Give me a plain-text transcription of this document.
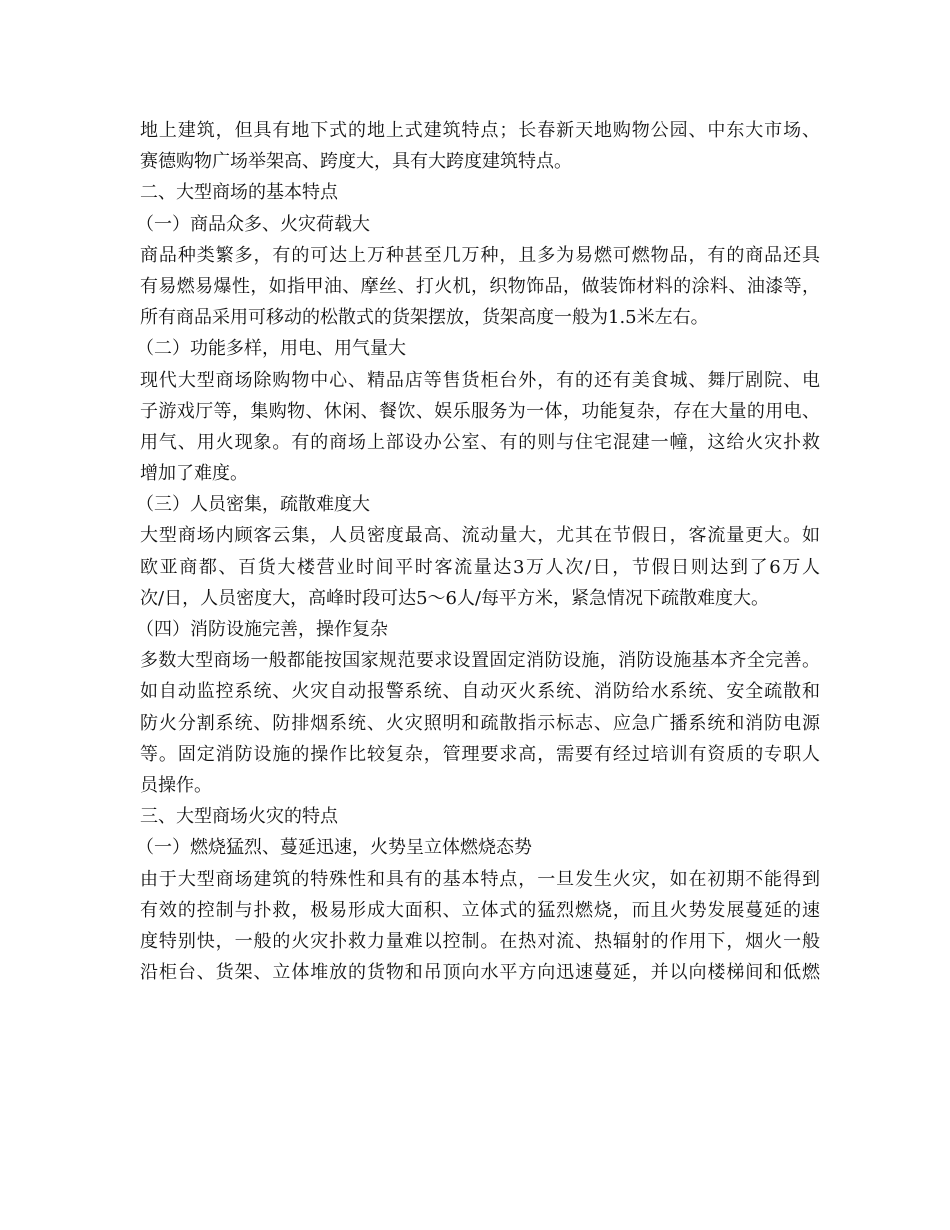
地上建筑，但具有地下式的地上式建筑特点；长春新天地购物公园、中东大市场、
赛德购物广场举架高、跨度大，具有大跨度建筑特点。
二、大型商场的基本特点
（一）商品众多、火灾荷载大
商品种类繁多，有的可达上万种甚至几万种，且多为易燃可燃物品，有的商品还具
有易燃易爆性，如指甲油、摩丝、打火机，织物饰品，做装饰材料的涂料、油漆等，
所有商品采用可移动的松散式的货架摆放，货架高度一般为1.5米左右。
（二）功能多样，用电、用气量大
现代大型商场除购物中心、精品店等售货柜台外，有的还有美食城、舞厅剧院、电
子游戏厅等，集购物、休闲、餐饮、娱乐服务为一体，功能复杂，存在大量的用电、
用气、用火现象。有的商场上部设办公室、有的则与住宅混建一幢，这给火灾扑救
增加了难度。
（三）人员密集，疏散难度大
大型商场内顾客云集，人员密度最高、流动量大，尤其在节假日，客流量更大。如
欧亚商都、百货大楼营业时间平时客流量达3万人次/日，节假日则达到了6万人
次/日，人员密度大，高峰时段可达5～6人/每平方米，紧急情况下疏散难度大。
（四）消防设施完善，操作复杂
多数大型商场一般都能按国家规范要求设置固定消防设施，消防设施基本齐全完善。
如自动监控系统、火灾自动报警系统、自动灭火系统、消防给水系统、安全疏散和
防火分割系统、防排烟系统、火灾照明和疏散指示标志、应急广播系统和消防电源
等。固定消防设施的操作比较复杂，管理要求高，需要有经过培训有资质的专职人
员操作。
三、大型商场火灾的特点
（一）燃烧猛烈、蔓延迅速，火势呈立体燃烧态势
由于大型商场建筑的特殊性和具有的基本特点，一旦发生火灾，如在初期不能得到
有效的控制与扑救，极易形成大面积、立体式的猛烈燃烧，而且火势发展蔓延的速
度特别快，一般的火灾扑救力量难以控制。在热对流、热辐射的作用下，烟火一般
沿柜台、货架、立体堆放的货物和吊顶向水平方向迅速蔓延，并以向楼梯间和低燃
